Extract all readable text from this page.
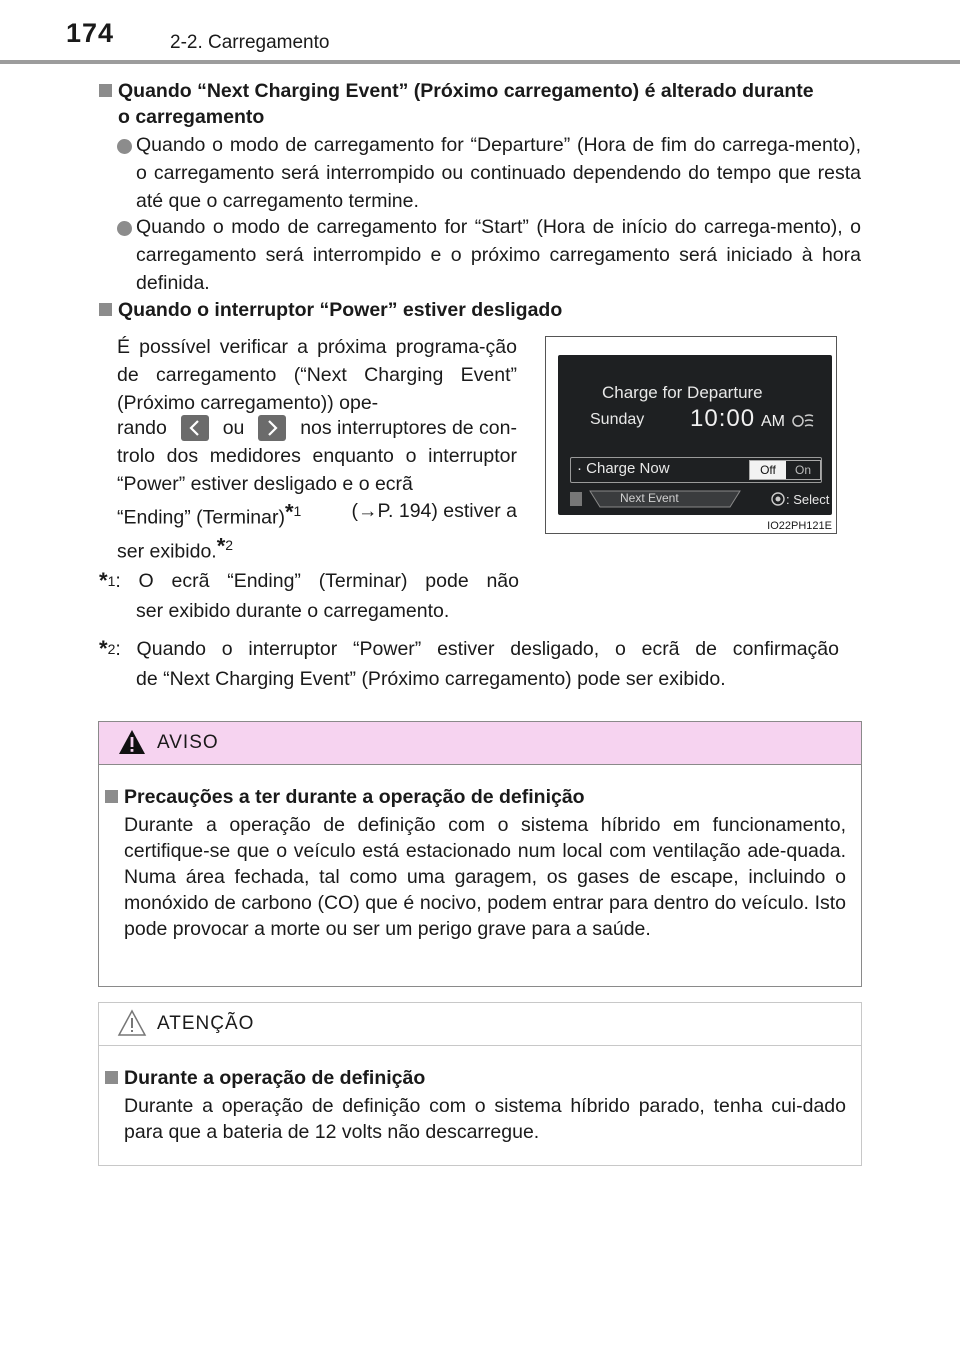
174	2-2. Carregamento
Quando “Next Charging Event” (Próximo carregamento) é alterado durante
o carregamento
Quando o modo de carregamento for “Departure” (Hora de fim do carrega-mento), o carregamento será interrompido ou continuado dependendo do tempo que resta até que o carregamento termine.
Quando o modo de carregamento for “Start” (Hora de início do carrega-mento), o carregamento será interrompido e o próximo carregamento será iniciado à hora definida.
Quando o interruptor “Power” estiver desligado
É possível verificar a próxima programa-ção de carregamento (“Next Charging Event” (Próximo carregamento)) ope-
rando	ou	nos interruptores de con-
trolo dos medidores enquanto o interruptor “Power” estiver desligado e o ecrã
“Ending” (Terminar)*$^1$	(→P. 194) estiver a
ser exibido.*$^2$
* 1 : O ecrã “Ending” (Terminar) pode não
ser exibido durante o carregamento.
* 2 : Quando o interruptor “Power” estiver desligado, o ecrã de confirmação
de “Next Charging Event” (Próximo carregamento) pode ser exibido.
Charge for Departure
Sunday 10:00 AM
· Charge Now	Off	On
Next Event	: Select
IO22PH121E
AVISO
Precauções a ter durante a operação de definição
Durante a operação de definição com o sistema híbrido em funcionamento, certifique-se que o veículo está estacionado num local com ventilação ade-quada. Numa área fechada, tal como uma garagem, os gases de escape, incluindo o monóxido de carbono (CO) que é nocivo, podem entrar para dentro do veículo. Isto pode provocar a morte ou ser um perigo grave para a saúde.
ATENÇÃO
Durante a operação de definição
Durante a operação de definição com o sistema híbrido parado, tenha cui-dado para que a bateria de 12 volts não descarregue.
